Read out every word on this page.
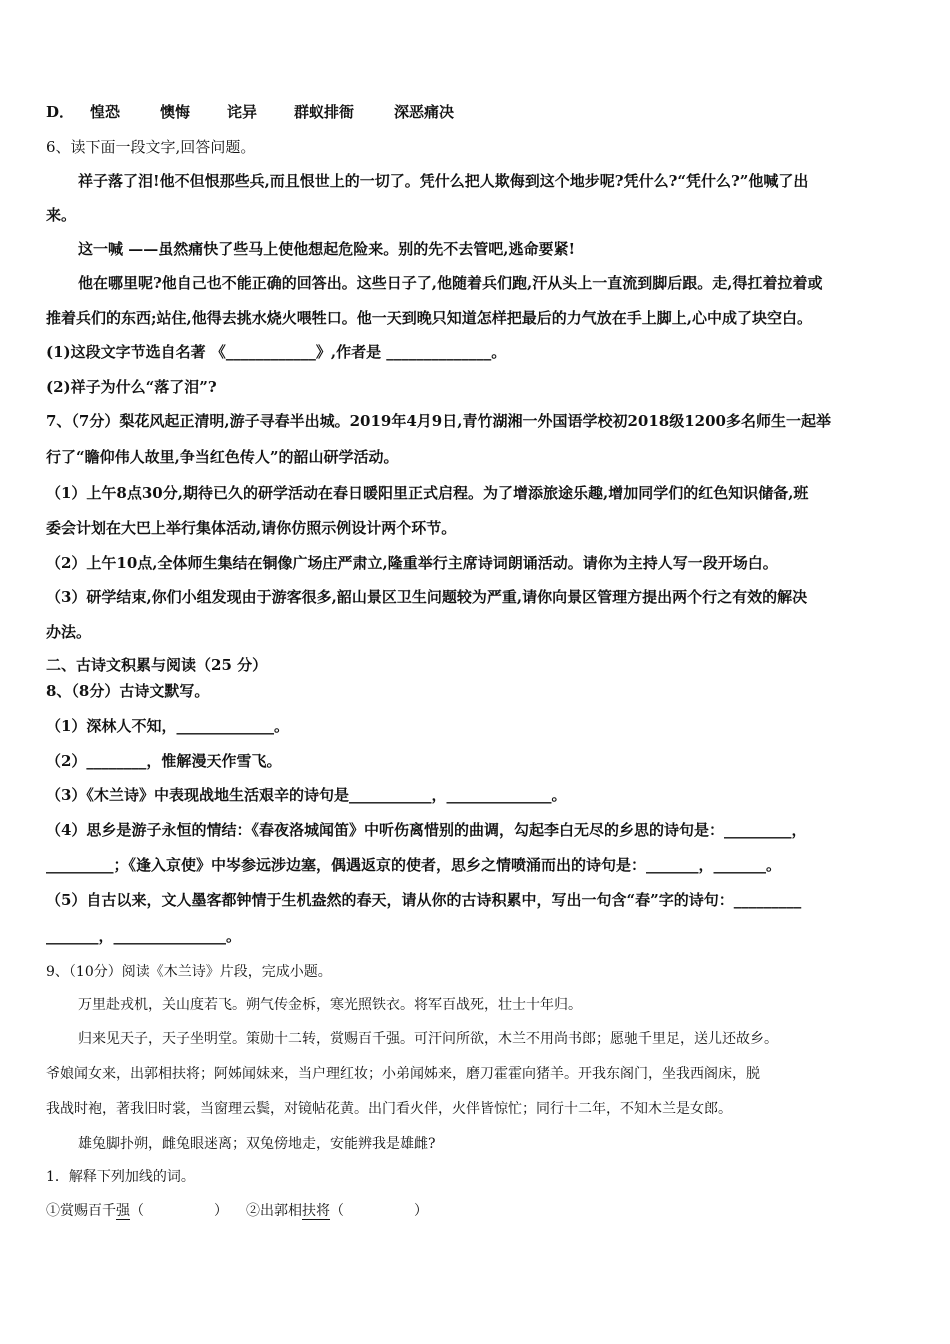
D． 惶恐	懊悔 诧异 群蚁排衙	深恶痛决
6、读下面一段文字,回答问题。
祥子落了泪!他不但恨那些兵,而且恨世上的一切了。凭什么把人欺侮到这个地步呢?凭什么?“凭什么?”他喊了出
来。
这一喊 ——虽然痛快了些马上使他想起危险来。别的先不去管吧,逃命要紧!
他在哪里呢?他自己也不能正确的回答出。这些日子了,他随着兵们跑,汗从头上一直流到脚后跟。走,得扛着拉着或
推着兵们的东西;站住,他得去挑水烧火喂牲口。他一天到晚只知道怎样把最后的力气放在手上脚上,心中成了块空白。
(1)这段文字节选自名著 《____________》,作者是 ______________。
(2)祥子为什么“落了泪”?
7、（7分）梨花风起正清明,游子寻春半出城。2019年4月9日,青竹湖湘一外国语学校初2018级1200多名师生一起举
行了“瞻仰伟人故里,争当红色传人”的韶山研学活动。
（1）上午8点30分,期待已久的研学活动在春日暖阳里正式启程。为了增添旅途乐趣,增加同学们的红色知识储备,班
委会计划在大巴上举行集体活动,请你仿照示例设计两个环节。
（2）上午10点,全体师生集结在铜像广场庄严肃立,隆重举行主席诗词朗诵活动。请你为主持人写一段开场白。
（3）研学结束,你们小组发现由于游客很多,韶山景区卫生问题较为严重,请你向景区管理方提出两个行之有效的解决
办法。
二、古诗文积累与阅读（25 分）
8、（8分）古诗文默写。
（1）深林人不知，_____________。
（2）________，惟解漫天作雪飞。
（3）《木兰诗》中表现战地生活艰辛的诗句是___________，______________。
（4）思乡是游子永恒的情结：《春夜洛城闻笛》中听伤离惜别的曲调，勾起李白无尽的乡思的诗句是：_________，
_________；《逢入京使》中岑参远涉边塞，偶遇返京的使者，思乡之情喷涌而出的诗句是：_______，_______。
（5）自古以来，文人墨客都钟情于生机盎然的春天，请从你的古诗积累中，写出一句含“春”字的诗句：_________
_______，_______________。
9、（10分）阅读《木兰诗》片段，完成小题。
万里赴戎机，关山度若飞。朔气传金柝，寒光照铁衣。将军百战死，壮士十年归。
归来见天子，天子坐明堂。策勋十二转，赏赐百千强。可汗问所欲，木兰不用尚书郎；愿驰千里足，送儿还故乡。
爷娘闻女来，出郭相扶将；阿姊闻妹来，当户理红妆；小弟闻姊来，磨刀霍霍向猪羊。开我东阁门，坐我西阁床，脱
我战时袍，著我旧时裳，当窗理云鬓，对镜帖花黄。出门看火伴，火伴皆惊忙；同行十二年，不知木兰是女郎。
雄兔脚扑朔，雌兔眼迷离；双兔傍地走，安能辨我是雄雌?
1．解释下列加线的词。
①赏赐百千强（　　　　　） ②出郭相扶将（　　　　　）
